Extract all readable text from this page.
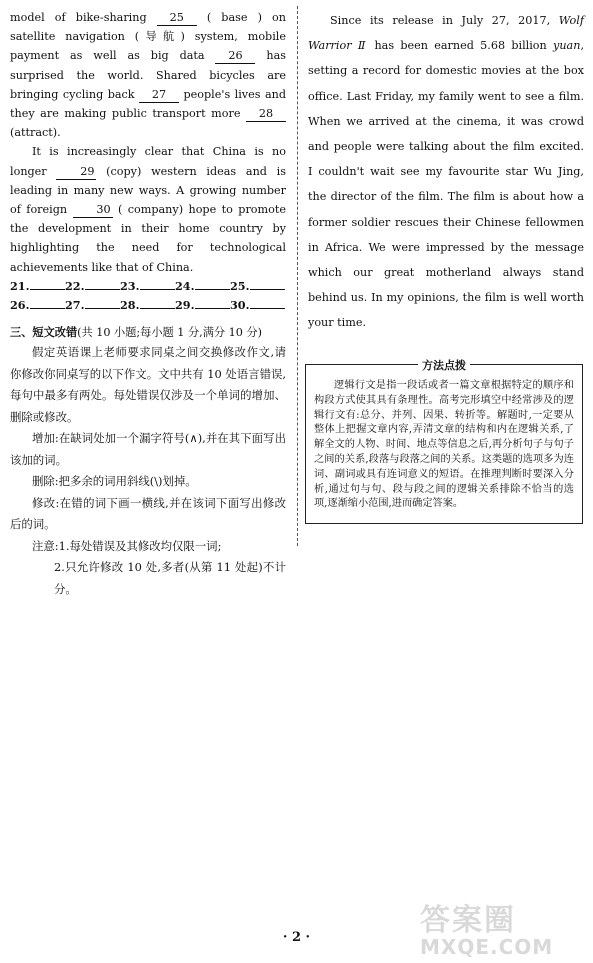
model of bike-sharing 25 ( base ) on satellite navigation (导航) system, mobile payment as well as big data 26 has surprised the world. Shared bicycles are bringing cycling back 27 people's lives and they are making public transport more 28 (attract).

It is increasingly clear that China is no longer 29 (copy) western ideas and is leading in many new ways. A growing number of foreign 30 ( company) hope to promote the development in their home country by highlighting the need for technological achievements like that of China.

21.	22.	23.	24.	25.
26.	27.	28.	29.	30.
三、短文改错(共 10 小题;每小题 1 分,满分 10 分)

假定英语课上老师要求同桌之间交换修改作文,请你修改你同桌写的以下作文。文中共有 10 处语言错误,每句中最多有两处。每处错误仅涉及一个单词的增加、删除或修改。

增加:在缺词处加一个漏字符号(∧),并在其下面写出该加的词。

删除:把多余的词用斜线(\)划掉。

修改:在错的词下画一横线,并在该词下面写出修改后的词。

注意:1.每处错误及其修改均仅限一词;

2.只允许修改 10 处,多者(从第 11 处起)不计分。

Since its release in July 27, 2017, Wolf Warrior Ⅱ has been earned 5.68 billion yuan, setting a record for domestic movies at the box office. Last Friday, my family went to see a film. When we arrived at the cinema, it was crowd and people were talking about the film excited. I couldn't wait see my favourite star Wu Jing, the director of the film. The film is about how a former soldier rescues their Chinese fellowmen in Africa. We were impressed by the message which our great motherland always stand behind us. In my opinions, the film is well worth your time.

方法点拨
逻辑行文是指一段话或者一篇文章根据特定的顺序和构段方式使其具有条理性。高考完形填空中经常涉及的逻辑行文有:总分、并列、因果、转折等。解题时,一定要从整体上把握文章内容,弄清文章的结构和内在逻辑关系,了解全文的人物、时间、地点等信息之后,再分析句子与句子之间的关系,段落与段落之间的关系。这类题的选项多为连词、副词或具有连词意义的短语。在推理判断时要深入分析,通过句与句、段与段之间的逻辑关系排除不恰当的选项,逐渐缩小范围,进而确定答案。
· 2 ·	答案圈
MXQE.COM
